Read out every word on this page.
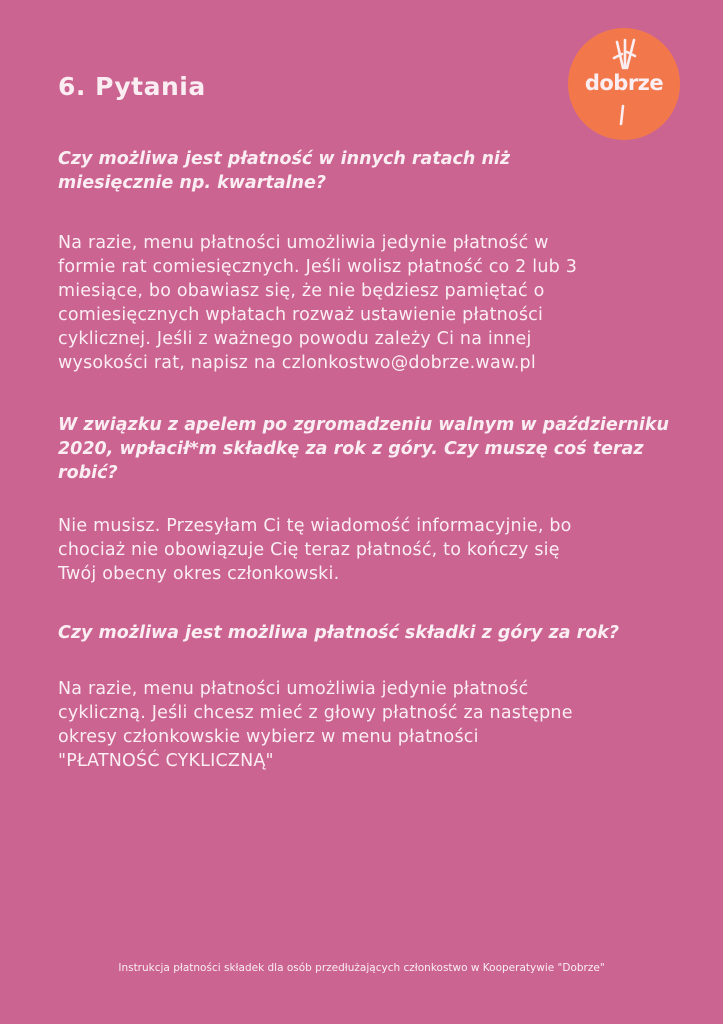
6. Pytania	dobrze

Czy możliwa jest płatność w innych ratach niż
miesięcznie np. kwartalne?

Na razie, menu płatności umożliwia jedynie płatność w
formie rat comiesięcznych. Jeśli wolisz płatność co 2 lub 3
miesiące, bo obawiasz się, że nie będziesz pamiętać o
comiesięcznych wpłatach rozważ ustawienie płatności
cyklicznej. Jeśli z ważnego powodu zależy Ci na innej
wysokości rat, napisz na czlonkostwo@dobrze.waw.pl

W związku z apelem po zgromadzeniu walnym w październiku
2020, wpłacił*m składkę za rok z góry. Czy muszę coś teraz
robić?

Nie musisz. Przesyłam Ci tę wiadomość informacyjnie, bo
chociaż nie obowiązuje Cię teraz płatność, to kończy się
Twój obecny okres członkowski.

Czy możliwa jest możliwa płatność składki z góry za rok?

Na razie, menu płatności umożliwia jedynie płatność
cykliczną. Jeśli chcesz mieć z głowy płatność za następne
okresy członkowskie wybierz w menu płatności
"PŁATNOŚĆ CYKLICZNĄ"

Instrukcja płatności składek dla osób przedłużających członkostwo w Kooperatywie "Dobrze"
